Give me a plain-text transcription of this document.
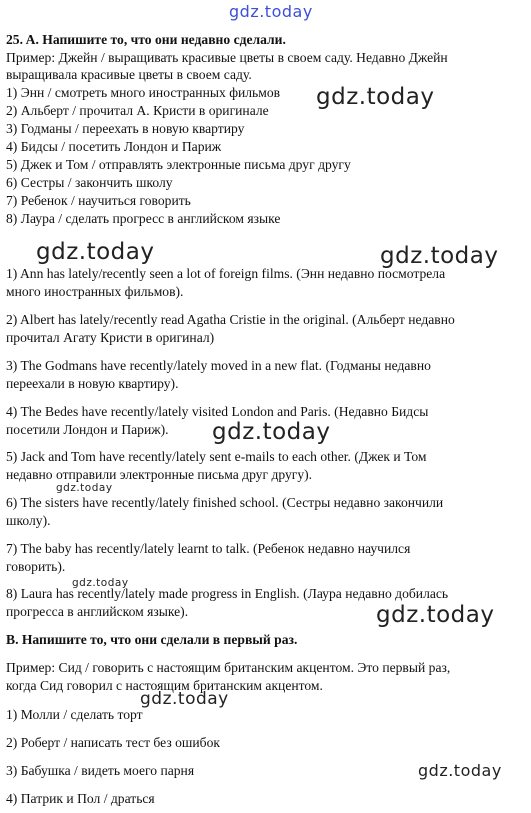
gdz.today
gdz.today
gdz.today	gdz.today
gdz.today
gdz.today
gdz.today
gdz.today
gdz.today
gdz.today
25. A. Напишите то, что они недавно сделали.
Пример: Джейн / выращивать красивые цветы в своем саду. Недавно Джейн
выращивала красивые цветы в своем саду.
1) Энн / смотреть много иностранных фильмов
2) Альберт / прочитал А. Кристи в оригинале
3) Годманы / переехать в новую квартиру
4) Бидсы / посетить Лондон и Париж
5) Джек и Том / отправлять электронные письма друг другу
6) Сестры / закончить школу
7) Ребенок / научиться говорить
8) Лаура / сделать прогресс в английском языке
1) Ann has lately/recently seen a lot of foreign films. (Энн недавно посмотрела
много иностранных фильмов).
2) Albert has lately/recently read Agatha Cristie in the original. (Альберт недавно
прочитал Агату Кристи в оригинал)
3) The Godmans have recently/lately moved in a new flat. (Годманы недавно
переехали в новую квартиру).
4) The Bedes have recently/lately visited London and Paris. (Недавно Бидсы
посетили Лондон и Париж).
5) Jack and Tom have recently/lately sent e-mails to each other. (Джек и Том
недавно отправили электронные письма друг другу).
6) The sisters have recently/lately finished school. (Сестры недавно закончили
школу).
7) The baby has recently/lately learnt to talk. (Ребенок недавно научился
говорить).
8) Laura has recently/lately made progress in English. (Лаура недавно добилась
прогресса в английском языке).
B. Напишите то, что они сделали в первый раз.
Пример: Сид / говорить с настоящим британским акцентом. Это первый раз,
когда Сид говорил с настоящим британским акцентом.
1) Молли / сделать торт
2) Роберт / написать тест без ошибок
3) Бабушка / видеть моего парня
4) Патрик и Пол / драться
